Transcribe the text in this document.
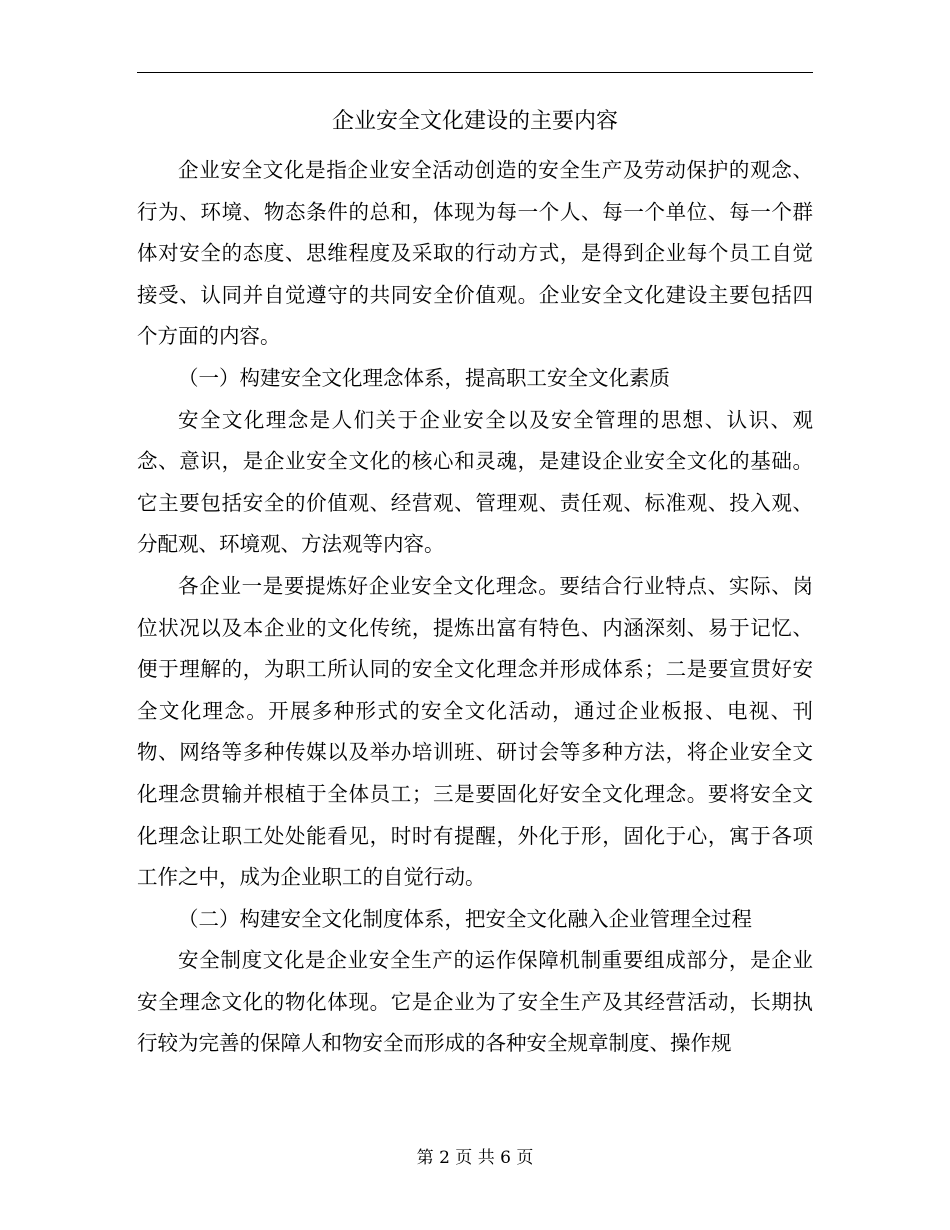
企业安全文化建设的主要内容

企业安全文化是指企业安全活动创造的安全生产及劳动保护的观念、行为、环境、物态条件的总和，体现为每一个人、每一个单位、每一个群体对安全的态度、思维程度及采取的行动方式，是得到企业每个员工自觉接受、认同并自觉遵守的共同安全价值观。企业安全文化建设主要包括四个方面的内容。

（一）构建安全文化理念体系，提高职工安全文化素质

安全文化理念是人们关于企业安全以及安全管理的思想、认识、观念、意识，是企业安全文化的核心和灵魂，是建设企业安全文化的基础。它主要包括安全的价值观、经营观、管理观、责任观、标准观、投入观、分配观、环境观、方法观等内容。

各企业一是要提炼好企业安全文化理念。要结合行业特点、实际、岗位状况以及本企业的文化传统，提炼出富有特色、内涵深刻、易于记忆、便于理解的，为职工所认同的安全文化理念并形成体系；二是要宣贯好安全文化理念。开展多种形式的安全文化活动，通过企业板报、电视、刊物、网络等多种传媒以及举办培训班、研讨会等多种方法，将企业安全文化理念贯输并根植于全体员工；三是要固化好安全文化理念。要将安全文化理念让职工处处能看见，时时有提醒，外化于形，固化于心，寓于各项工作之中，成为企业职工的自觉行动。

（二）构建安全文化制度体系，把安全文化融入企业管理全过程

安全制度文化是企业安全生产的运作保障机制重要组成部分，是企业安全理念文化的物化体现。它是企业为了安全生产及其经营活动，长期执行较为完善的保障人和物安全而形成的各种安全规章制度、操作规

第 2 页 共 6 页
